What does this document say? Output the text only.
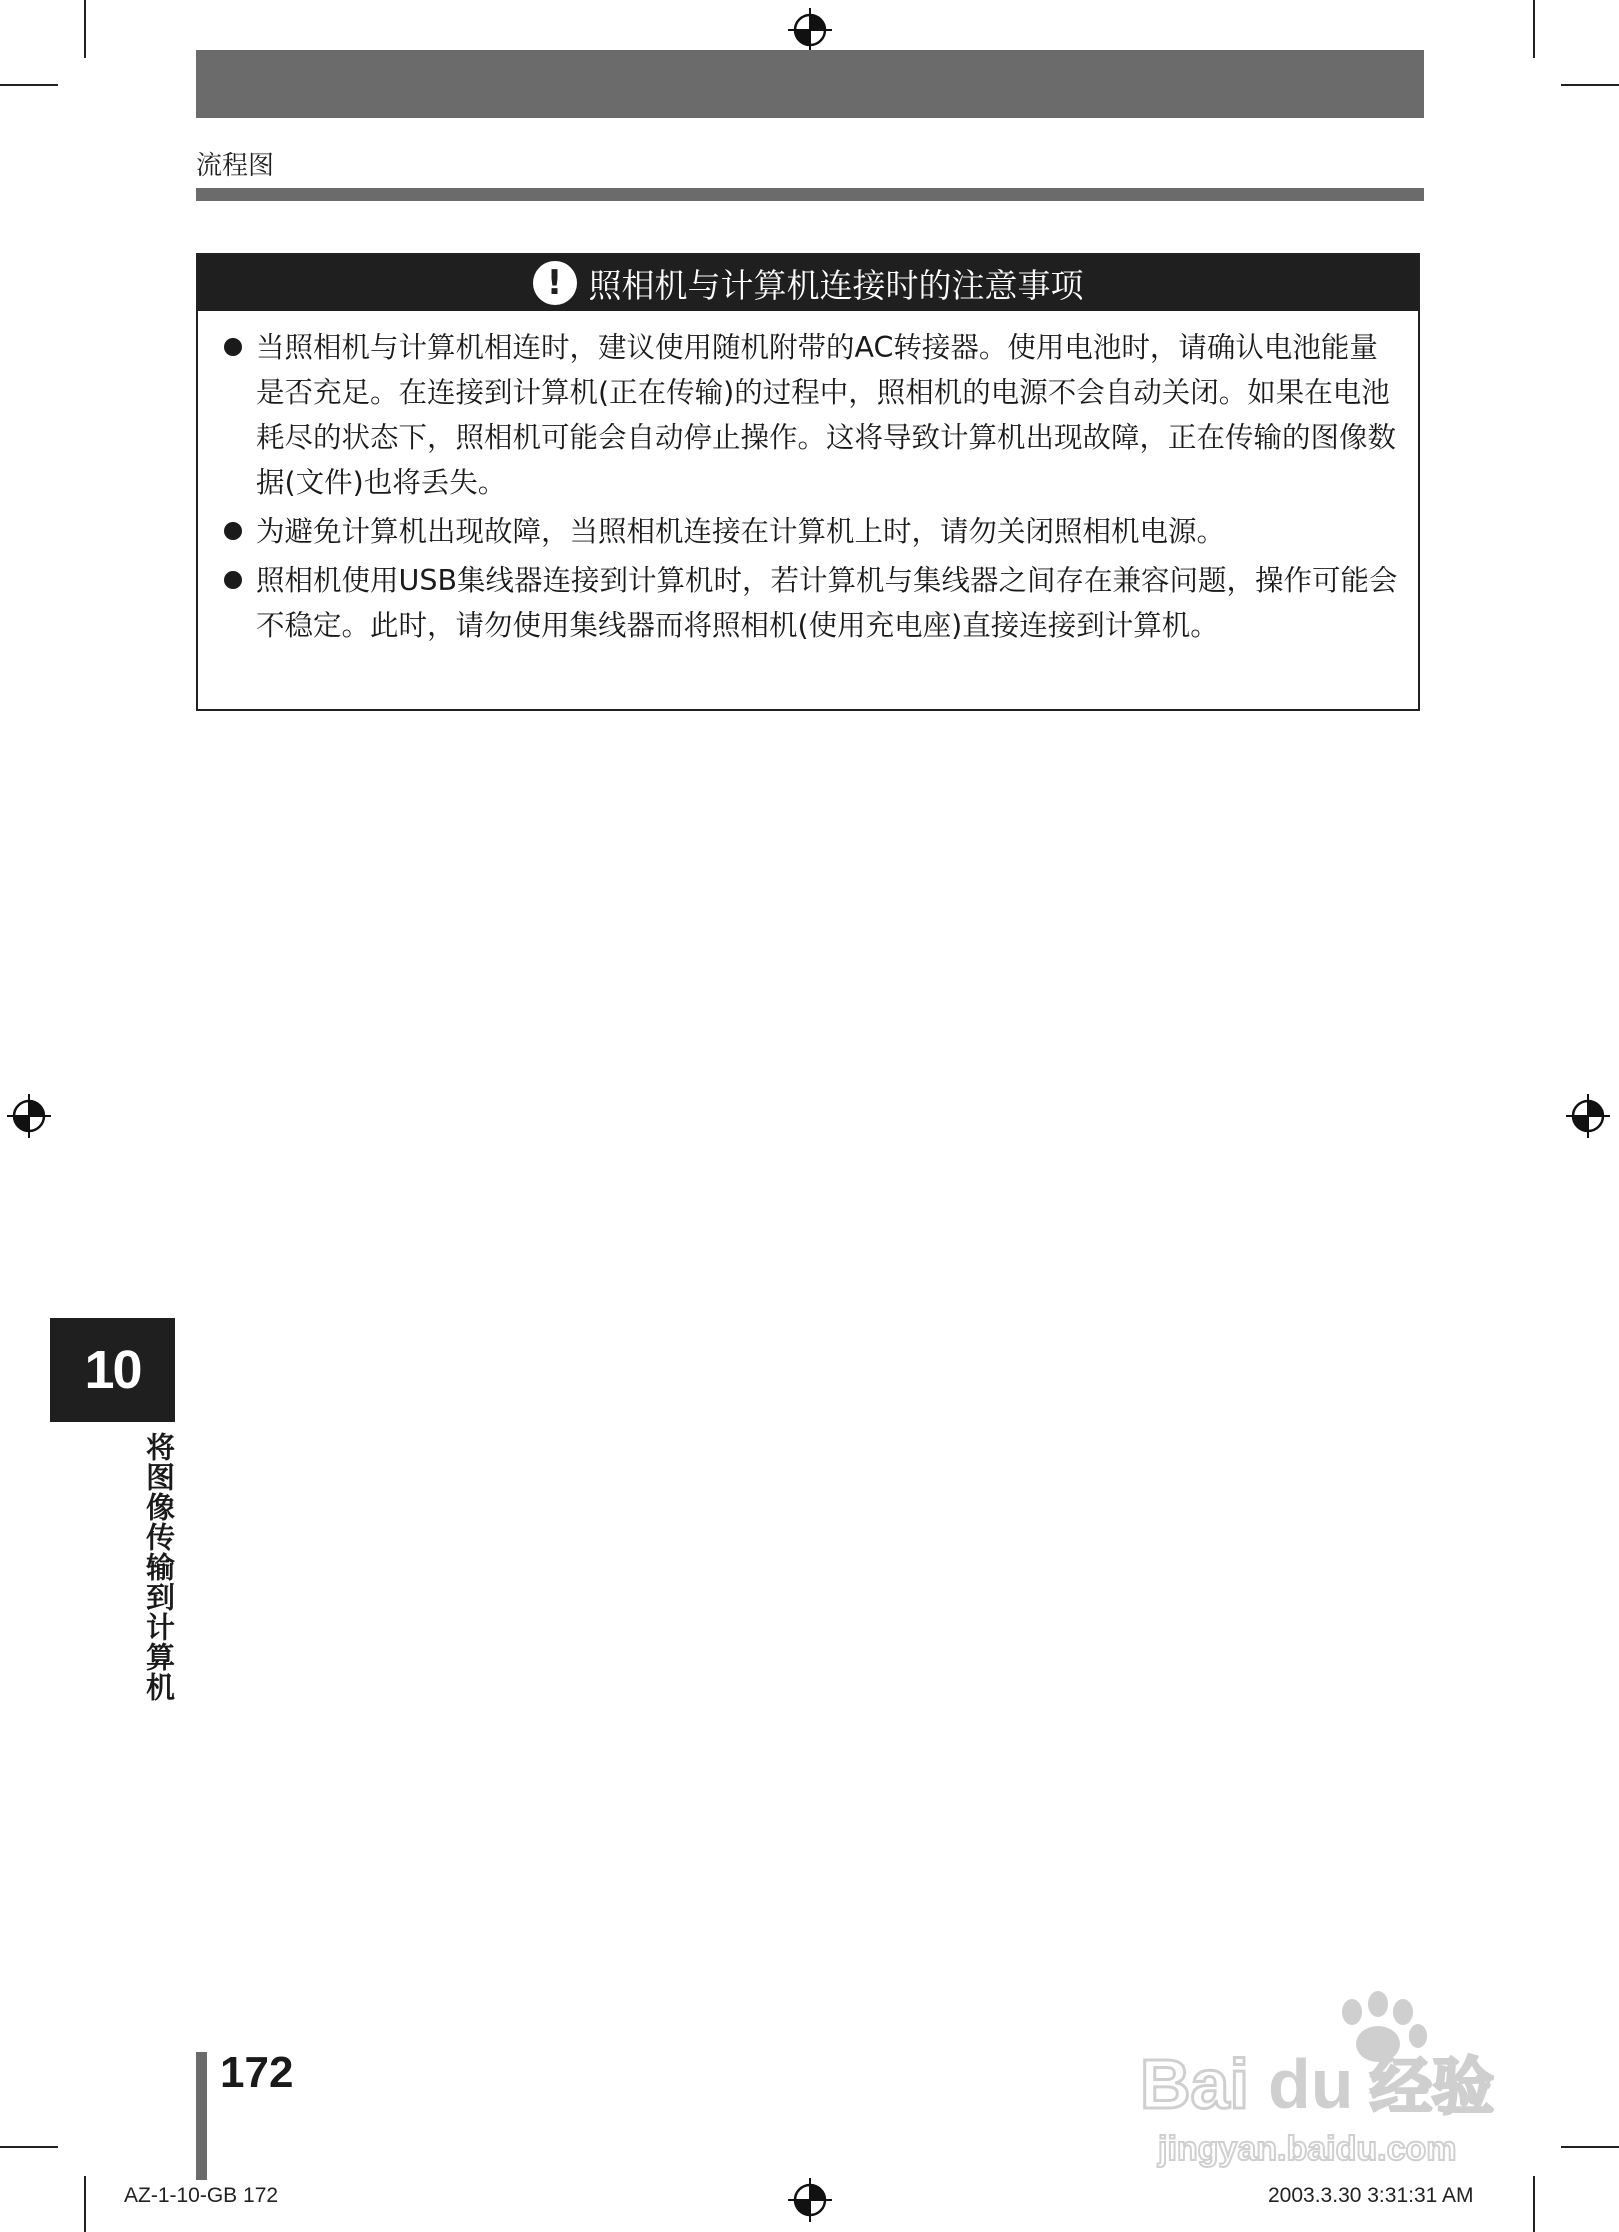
流程图
! 照相机与计算机连接时的注意事项
当照相机与计算机相连时，建议使用随机附带的AC转接器。使用电池时，请确认电池能量是否充足。在连接到计算机(正在传输)的过程中，照相机的电源不会自动关闭。如果在电池耗尽的状态下，照相机可能会自动停止操作。这将导致计算机出现故障，正在传输的图像数据(文件)也将丢失。
为避免计算机出现故障，当照相机连接在计算机上时，请勿关闭照相机电源。
照相机使用USB集线器连接到计算机时，若计算机与集线器之间存在兼容问题，操作可能会不稳定。此时，请勿使用集线器而将照相机(使用充电座)直接连接到计算机。
10
将图像传输到计算机
172
AZ-1-10-GB 172	2003.3.30 3:31:31 AM
Bai du 经验
jingyan.baidu.com
